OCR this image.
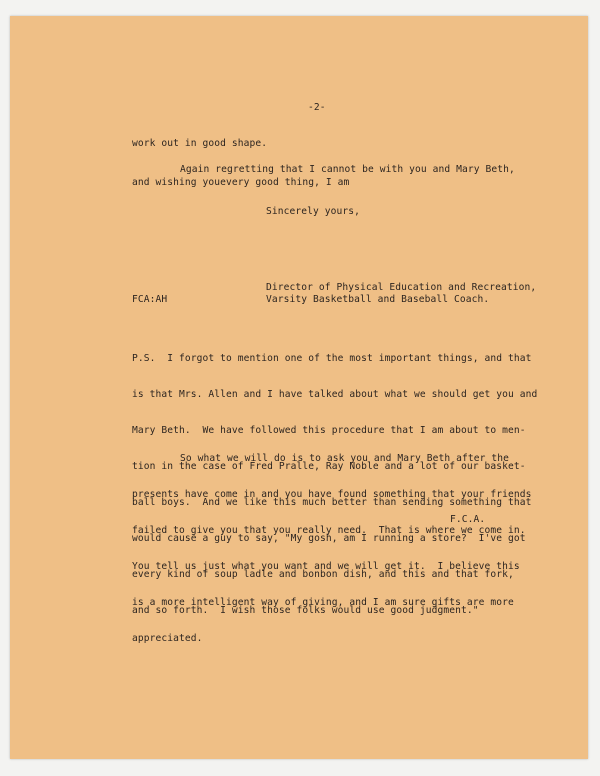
-2-
work out in good shape.
Again regretting that I cannot be with you and Mary Beth,
and wishing youevery good thing, I am
Sincerely yours,
Director of Physical Education and Recreation,
Varsity Basketball and Baseball Coach.
FCA:AH

P.S.  I forgot to mention one of the most important things, and that

is that Mrs. Allen and I have talked about what we should get you and

Mary Beth.  We have followed this procedure that I am about to men-

tion in the case of Fred Pralle, Ray Noble and a lot of our basket-

ball boys.  And we like this much better than sending something that

would cause a guy to say, "My gosh, am I running a store?  I've got

every kind of soup ladle and bonbon dish, and this and that fork,

and so forth.  I wish those folks would use good judgment."

So what we will do is to ask you and Mary Beth after the

presents have come in and you have found something that your friends

failed to give you that you really need.  That is where we come in.

You tell us just what you want and we will get it.  I believe this

is a more intelligent way of giving, and I am sure gifts are more

appreciated.

F.C.A.
